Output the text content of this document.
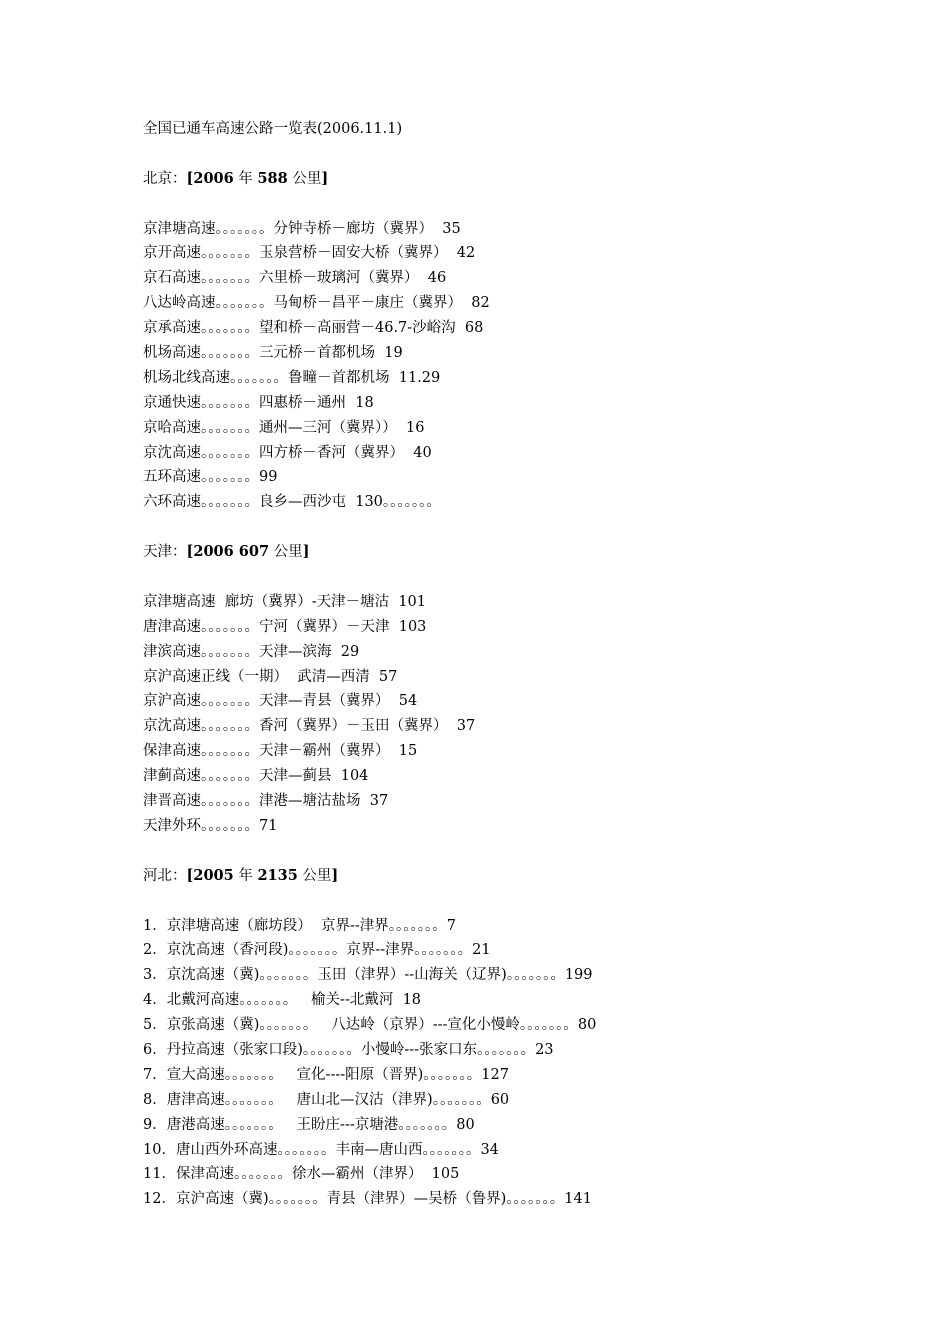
全国已通车高速公路一览表(2006.11.1)
北京：[2006 年 588 公里]
京津塘高速。。。。。。。分钟寺桥－廊坊（冀界）  35
京开高速。。。。。。。玉泉营桥－固安大桥（冀界）  42
京石高速。。。。。。。六里桥－玻璃河（冀界）  46
八达岭高速。。。。。。。马甸桥－昌平－康庄（冀界）  82
京承高速。。。。。。。望和桥－高丽营－46.7-沙峪沟  68
机场高速。。。。。。。三元桥－首都机场  19
机场北线高速。。。。。。。鲁疃－首都机场  11.29
京通快速。。。。。。。四惠桥－通州  18
京哈高速。。。。。。。通州—三河（冀界））  16
京沈高速。。。。。。。四方桥－香河（冀界）  40
五环高速。。。。。。。99
六环高速。。。。。。。良乡—西沙屯  130。。。。。。。
天津：[2006 607 公里]
京津塘高速  廊坊（冀界）-天津－塘沽  101
唐津高速。。。。。。。宁河（冀界）－天津  103
津滨高速。。。。。。。天津—滨海  29
京沪高速正线（一期）  武清—西清  57
京沪高速。。。。。。。天津—青县（冀界）  54
京沈高速。。。。。。。香河（冀界）－玉田（冀界）  37
保津高速。。。。。。。天津－霸州（冀界）  15
津蓟高速。。。。。。。天津—蓟县  104
津晋高速。。。。。。。津港—塘沽盐场  37
天津外环。。。。。。。71
河北：[2005 年 2135 公里]
1．京津塘高速（廊坊段）  京界--津界。。。。。。。7
2．京沈高速（香河段)。。。。。。。京界--津界。。。。。。。21
3．京沈高速（冀)。。。。。。。玉田（津界）--山海关（辽界)。。。。。。。199
4．北戴河高速。。。。。。。   榆关--北戴河  18
5．京张高速（冀)。。。。。。。   八达岭（京界）---宣化小慢岭。。。。。。。80
6．丹拉高速（张家口段)。。。。。。。小慢岭---张家口东。。。。。。。23
7．宣大高速。。。。。。。   宣化----阳原（晋界)。。。。。。。127
8．唐津高速。。。。。。。   唐山北—汉沽（津界)。。。。。。。60
9．唐港高速。。。。。。。   王盼庄---京塘港。。。。。。。80
10．唐山西外环高速。。。。。。。丰南—唐山西。。。。。。。34
11．保津高速。。。。。。。徐水—霸州（津界）  105
12．京沪高速（冀)。。。。。。。青县（津界）—吴桥（鲁界)。。。。。。。141
